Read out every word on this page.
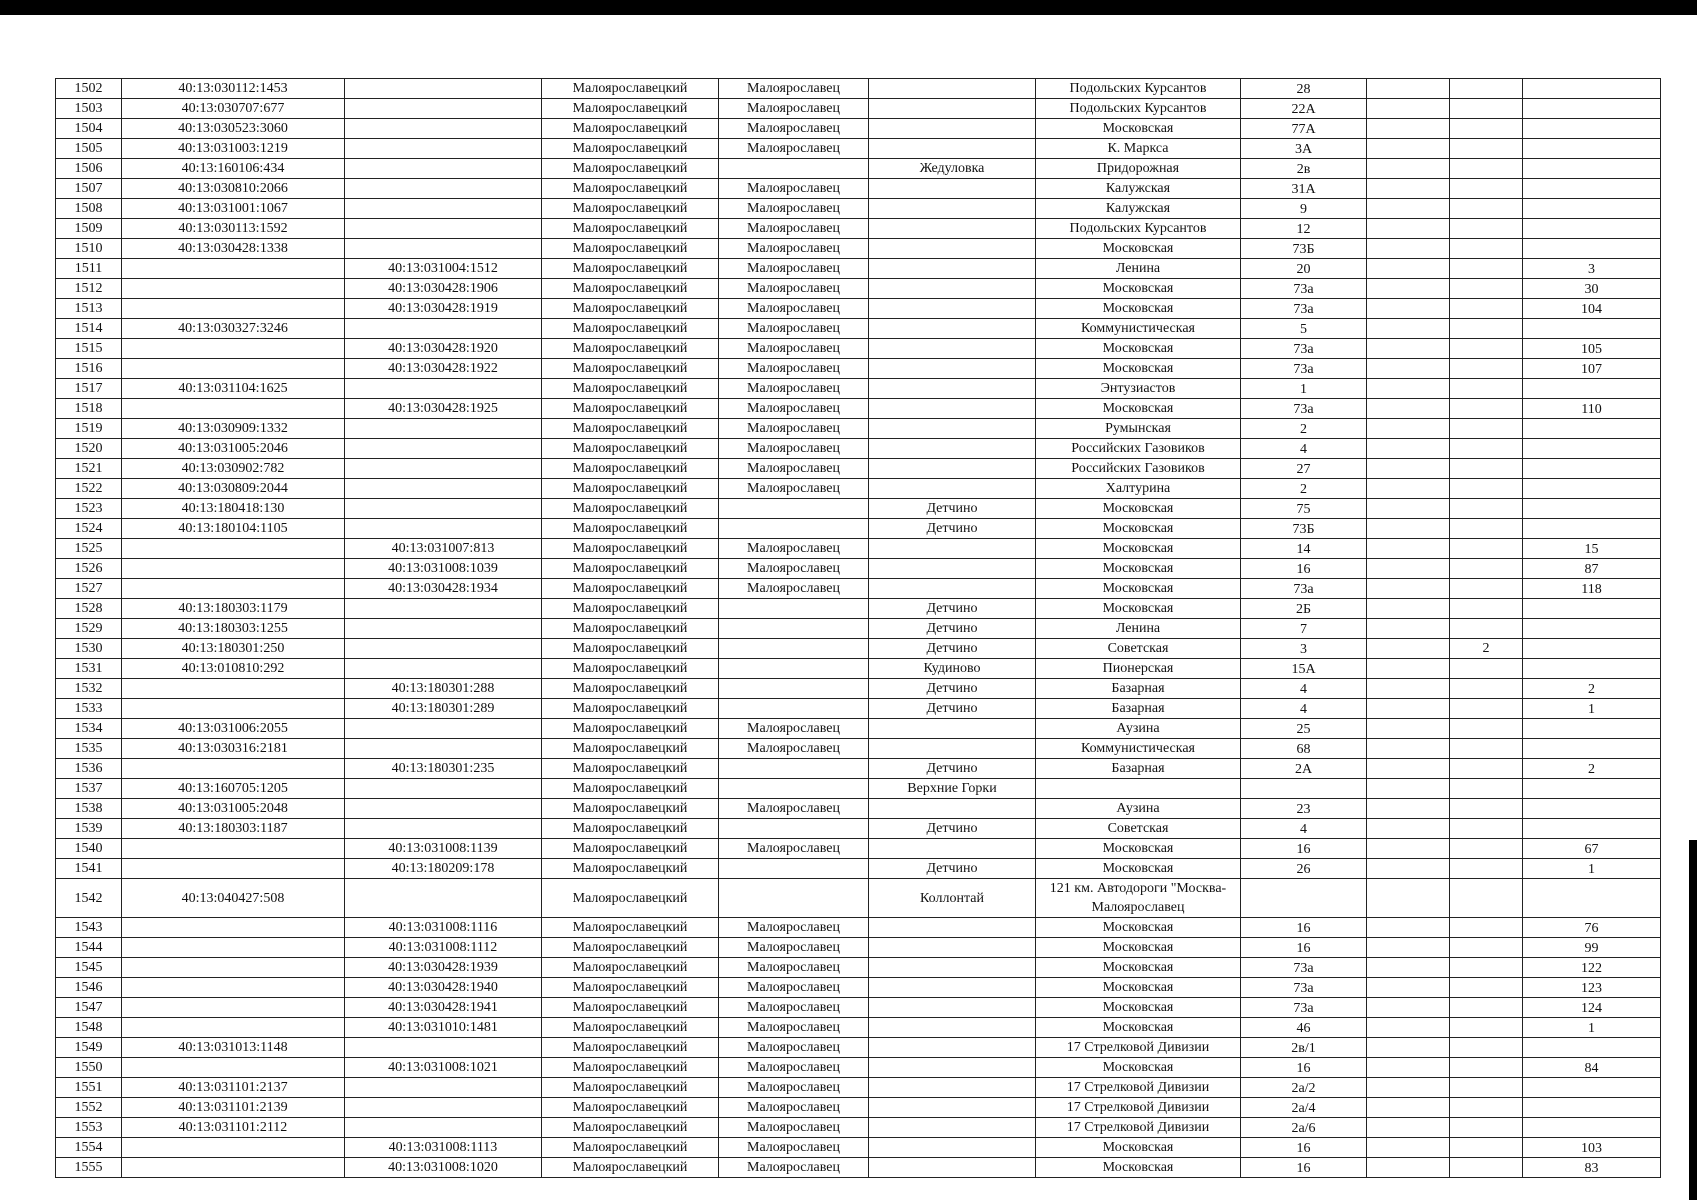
1502	40:13:030112:1453		Малоярославецкий	Малоярославец		Подольских Курсантов	28			
1503	40:13:030707:677		Малоярославецкий	Малоярославец		Подольских Курсантов	22А			
1504	40:13:030523:3060		Малоярославецкий	Малоярославец		Московская	77А			
1505	40:13:031003:1219		Малоярославецкий	Малоярославец		К. Маркса	3А			
1506	40:13:160106:434		Малоярославецкий		Жедуловка	Придорожная	2в			
1507	40:13:030810:2066		Малоярославецкий	Малоярославец		Калужская	31А			
1508	40:13:031001:1067		Малоярославецкий	Малоярославец		Калужская	9			
1509	40:13:030113:1592		Малоярославецкий	Малоярославец		Подольских Курсантов	12			
1510	40:13:030428:1338		Малоярославецкий	Малоярославец		Московская	73Б			
1511		40:13:031004:1512	Малоярославецкий	Малоярославец		Ленина	20			3
1512		40:13:030428:1906	Малоярославецкий	Малоярославец		Московская	73а			30
1513		40:13:030428:1919	Малоярославецкий	Малоярославец		Московская	73а			104
1514	40:13:030327:3246		Малоярославецкий	Малоярославец		Коммунистическая	5			
1515		40:13:030428:1920	Малоярославецкий	Малоярославец		Московская	73а			105
1516		40:13:030428:1922	Малоярославецкий	Малоярославец		Московская	73а			107
1517	40:13:031104:1625		Малоярославецкий	Малоярославец		Энтузиастов	1			
1518		40:13:030428:1925	Малоярославецкий	Малоярославец		Московская	73а			110
1519	40:13:030909:1332		Малоярославецкий	Малоярославец		Румынская	2			
1520	40:13:031005:2046		Малоярославецкий	Малоярославец		Российских Газовиков	4			
1521	40:13:030902:782		Малоярославецкий	Малоярославец		Российских Газовиков	27			
1522	40:13:030809:2044		Малоярославецкий	Малоярославец		Халтурина	2			
1523	40:13:180418:130		Малоярославецкий		Детчино	Московская	75			
1524	40:13:180104:1105		Малоярославецкий		Детчино	Московская	73Б			
1525		40:13:031007:813	Малоярославецкий	Малоярославец		Московская	14			15
1526		40:13:031008:1039	Малоярославецкий	Малоярославец		Московская	16			87
1527		40:13:030428:1934	Малоярославецкий	Малоярославец		Московская	73а			118
1528	40:13:180303:1179		Малоярославецкий		Детчино	Московская	2Б			
1529	40:13:180303:1255		Малоярославецкий		Детчино	Ленина	7			
1530	40:13:180301:250		Малоярославецкий		Детчино	Советская	3		2	
1531	40:13:010810:292		Малоярославецкий		Кудиново	Пионерская	15А			
1532		40:13:180301:288	Малоярославецкий		Детчино	Базарная	4			2
1533		40:13:180301:289	Малоярославецкий		Детчино	Базарная	4			1
1534	40:13:031006:2055		Малоярославецкий	Малоярославец		Аузина	25			
1535	40:13:030316:2181		Малоярославецкий	Малоярославец		Коммунистическая	68			
1536		40:13:180301:235	Малоярославецкий		Детчино	Базарная	2А			2
1537	40:13:160705:1205		Малоярославецкий		Верхние Горки					
1538	40:13:031005:2048		Малоярославецкий	Малоярославец		Аузина	23			
1539	40:13:180303:1187		Малоярославецкий		Детчино	Советская	4			
1540		40:13:031008:1139	Малоярославецкий	Малоярославец		Московская	16			67
1541		40:13:180209:178	Малоярославецкий		Детчино	Московская	26			1
1542	40:13:040427:508		Малоярославецкий		Коллонтай	121 км. Автодороги "Москва-Малоярославец				
1543		40:13:031008:1116	Малоярославецкий	Малоярославец		Московская	16			76
1544		40:13:031008:1112	Малоярославецкий	Малоярославец		Московская	16			99
1545		40:13:030428:1939	Малоярославецкий	Малоярославец		Московская	73а			122
1546		40:13:030428:1940	Малоярославецкий	Малоярославец		Московская	73а			123
1547		40:13:030428:1941	Малоярославецкий	Малоярославец		Московская	73а			124
1548		40:13:031010:1481	Малоярославецкий	Малоярославец		Московская	46			1
1549	40:13:031013:1148		Малоярославецкий	Малоярославец		17 Стрелковой Дивизии	2в/1			
1550		40:13:031008:1021	Малоярославецкий	Малоярославец		Московская	16			84
1551	40:13:031101:2137		Малоярославецкий	Малоярославец		17 Стрелковой Дивизии	2а/2			
1552	40:13:031101:2139		Малоярославецкий	Малоярославец		17 Стрелковой Дивизии	2а/4			
1553	40:13:031101:2112		Малоярославецкий	Малоярославец		17 Стрелковой Дивизии	2а/6			
1554		40:13:031008:1113	Малоярославецкий	Малоярославец		Московская	16			103
1555		40:13:031008:1020	Малоярославецкий	Малоярославец		Московская	16			83
